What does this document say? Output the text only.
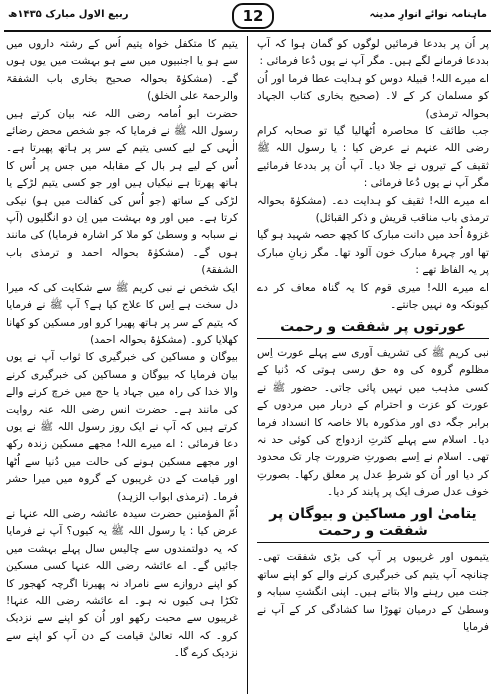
ربیع الاول مبارک ۱۴۳۵ھ	12	ماہنامہ نوائے انوارِ مدینہ

پر اُن پر بددعا فرمائیں لوگوں کو گمان ہوا کہ آپ بددعا فرمانے لگے ہیں۔ مگر آپ نے یوں دُعا فرمائی :

اے میرے اللہ! قبیلۂ دوس کو ہدایت عطا فرما اور اُن کو مسلمان کر کے لا۔ (صحیح بخاری کتاب الجہاد بحوالہ ترمذی)

جب طائف کا محاصرہ اُٹھالیا گیا تو صحابہ کرام رضی اللہ عنہم نے عرض کیا : یا رسول اللہ ﷺ ثقیف کے تیروں نے جلا دیا۔ آپ اُن پر بددعا فرمائیے مگر آپ نے یوں دُعا فرمائی :

اے میرے اللہ! ثقیف کو ہدایت دے۔ (مشکوٰۃ بحوالہ ترمذی باب مناقب قریش و ذکر القبائل)

غزوۂ اُحد میں دانت مبارک کا کچھ حصہ شہید ہو گیا تھا اور چہرۂ مبارک خون آلود تھا۔ مگر زبانِ مبارک پر یہ الفاظ تھے :

اے میرے اللہ! میری قوم کا یہ گناہ معاف کر دے کیونکہ وہ نہیں جانتے۔

عورتوں پر شفقت و رحمت

نبی کریم ﷺ کی تشریف آوری سے پہلے عورت اِس مظلوم گروہ کی وہ حق رسی ہوتی کہ دُنیا کے کسی مذہب میں نہیں پائی جاتی۔ حضور ﷺ نے عورت کو عزت و احترام کے دربار میں مردوں کے برابر جگہ دی اور مذکورہ بالا خاصہ کا انسداد فرما دیا۔ اسلام سے پہلے کثرتِ ازدواج کی کوئی حد نہ تھی۔ اسلام نے اِسے بصورتِ ضرورت چار تک محدود کر دیا اور اُن کو شرطِ عدل پر معلق رکھا۔ بصورتِ خوف عدل صرف ایک پر پابند کر دیا۔

یتامیٰ اور مساکین و بیوگان پر شفقت و رحمت

یتیموں اور غریبوں پر آپ کی بڑی شفقت تھی۔ چنانچہ آپ یتیم کی خبرگیری کرنے والے کو اپنے ساتھ جنت میں رہنے والا بتاتے ہیں۔ اپنی انگشتِ سبابہ و وسطیٰ کے درمیان تھوڑا سا کشادگی کر کے آپ نے فرمایا

یتیم کا متکفل خواہ یتیم اُس کے رشتہ داروں میں سے ہو یا اجنبیوں میں سے ہو بہشت میں یوں ہوں گے۔ (مشکوٰۃ بحوالہ صحیح بخاری باب الشفقۃ والرحمۃ علی الخلق)

حضرت ابو اُمامہ رضی اللہ عنہ بیان کرتے ہیں رسول اللہ ﷺ نے فرمایا کہ جو شخص محض رضائے الٰہی کے لیے کسی یتیم کے سر پر ہاتھ پھیرتا ہے۔ اُس کے لیے ہر بال کے مقابلہ میں جس پر اُس کا ہاتھ پھرتا ہے نیکیاں ہیں اور جو کسی یتیم لڑکے یا لڑکی کے ساتھ (جو اُس کی کفالت میں ہو) نیکی کرتا ہے۔ میں اور وہ بہشت میں اِن دو انگلیوں (آپ نے سبابہ و وسطیٰ کو ملا کر اشارہ فرمایا) کی مانند ہوں گے۔ (مشکوٰۃ بحوالہ احمد و ترمذی باب الشفقۃ)

ایک شخص نے نبی کریم ﷺ سے شکایت کی کہ میرا دل سخت ہے اِس کا علاج کیا ہے؟ آپ ﷺ نے فرمایا کہ یتیم کے سر پر ہاتھ پھیرا کرو اور مسکین کو کھانا کھلایا کرو۔ (مشکوٰۃ بحوالہ احمد)

بیوگان و مساکین کی خبرگیری کا ثواب آپ نے یوں بیان فرمایا کہ بیوگان و مساکین کی خبرگیری کرنے والا خدا کی راہ میں جہاد یا حج میں خرچ کرنے والے کی مانند ہے۔ حضرت انس رضی اللہ عنہ روایت کرتے ہیں کہ آپ نے ایک روز رسول اللہ ﷺ نے یوں دعا فرمائی : اے میرے اللہ! مجھے مسکین زندہ رکھ اور مجھے مسکین ہونے کی حالت میں دُنیا سے اُٹھا اور قیامت کے دن غریبوں کے گروہ میں میرا حشر فرما۔ (ترمذی ابواب الزہد)

اُمّ المؤمنین حضرت سیدہ عائشہ رضی اللہ عنہا نے عرض کیا : یا رسول اللہ ﷺ یہ کیوں؟ آپ نے فرمایا کہ یہ دولتمندوں سے چالیس سال پہلے بہشت میں جائیں گے۔ اے عائشہ رضی اللہ عنہا کسی مسکین کو اپنے دروازے سے نامراد نہ پھیرنا اگرچہ کھجور کا ٹکڑا ہی کیوں نہ ہو۔ اے عائشہ رضی اللہ عنہا! غریبوں سے محبت رکھو اور اُن کو اپنے سے نزدیک کرو۔ کہ اللہ تعالیٰ قیامت کے دن آپ کو اپنے سے نزدیک کرے گا۔
